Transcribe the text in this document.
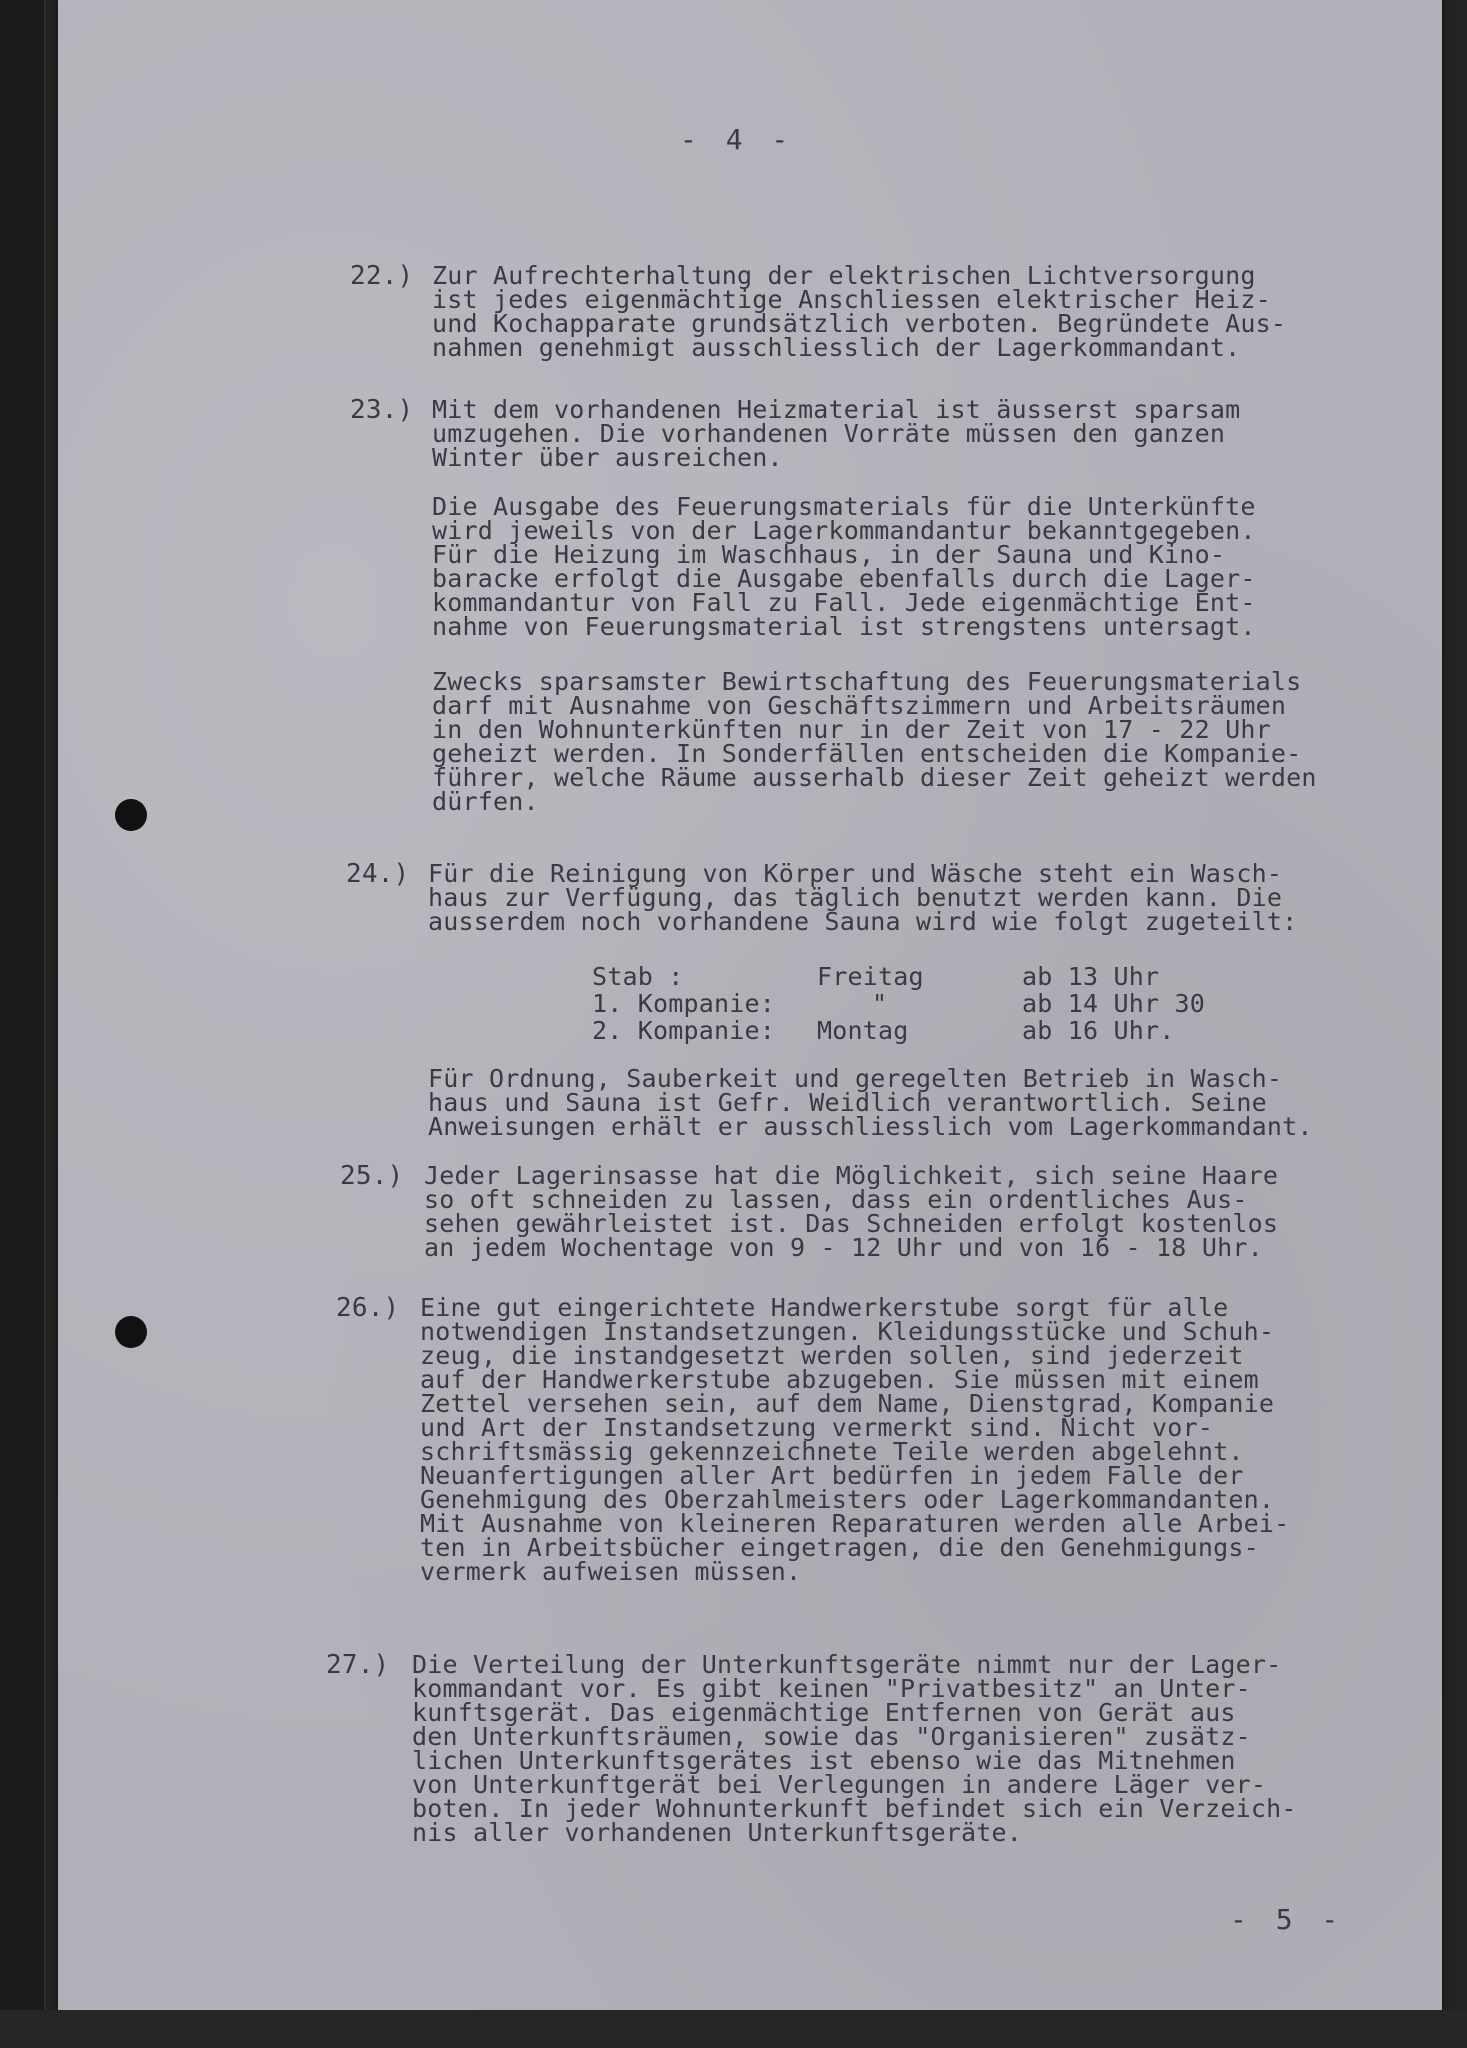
- 4 -
22.) Zur Aufrechterhaltung der elektrischen Lichtversorgung
ist jedes eigenmächtige Anschliessen elektrischer Heiz-
und Kochapparate grundsätzlich verboten. Begründete Aus-
nahmen genehmigt ausschliesslich der Lagerkommandant.

23.) Mit dem vorhandenen Heizmaterial ist äusserst sparsam
umzugehen. Die vorhandenen Vorräte müssen den ganzen
Winter über ausreichen.

Die Ausgabe des Feuerungsmaterials für die Unterkünfte
wird jeweils von der Lagerkommandantur bekanntgegeben.
Für die Heizung im Waschhaus, in der Sauna und Kino-
baracke erfolgt die Ausgabe ebenfalls durch die Lager-
kommandantur von Fall zu Fall. Jede eigenmächtige Ent-
nahme von Feuerungsmaterial ist strengstens untersagt.

Zwecks sparsamster Bewirtschaftung des Feuerungsmaterials
darf mit Ausnahme von Geschäftszimmern und Arbeitsräumen
in den Wohnunterkünften nur in der Zeit von 17 - 22 Uhr
geheizt werden. In Sonderfällen entscheiden die Kompanie-
führer, welche Räume ausserhalb dieser Zeit geheizt werden
dürfen.

24.) Für die Reinigung von Körper und Wäsche steht ein Wasch-
haus zur Verfügung, das täglich benutzt werden kann. Die
ausserdem noch vorhandene Sauna wird wie folgt zugeteilt:

Stab :	Freitag	ab 13 Uhr
1. Kompanie:	"	ab 14 Uhr 30
2. Kompanie:	Montag	ab 16 Uhr.

Für Ordnung, Sauberkeit und geregelten Betrieb in Wasch-
haus und Sauna ist Gefr. Weidlich verantwortlich. Seine
Anweisungen erhält er ausschliesslich vom Lagerkommandant.

25.) Jeder Lagerinsasse hat die Möglichkeit, sich seine Haare
so oft schneiden zu lassen, dass ein ordentliches Aus-
sehen gewährleistet ist. Das Schneiden erfolgt kostenlos
an jedem Wochentage von 9 - 12 Uhr und von 16 - 18 Uhr.

26.) Eine gut eingerichtete Handwerkerstube sorgt für alle
notwendigen Instandsetzungen. Kleidungsstücke und Schuh-
zeug, die instandgesetzt werden sollen, sind jederzeit
auf der Handwerkerstube abzugeben. Sie müssen mit einem
Zettel versehen sein, auf dem Name, Dienstgrad, Kompanie
und Art der Instandsetzung vermerkt sind. Nicht vor-
schriftsmässig gekennzeichnete Teile werden abgelehnt.
Neuanfertigungen aller Art bedürfen in jedem Falle der
Genehmigung des Oberzahlmeisters oder Lagerkommandanten.
Mit Ausnahme von kleineren Reparaturen werden alle Arbei-
ten in Arbeitsbücher eingetragen, die den Genehmigungs-
vermerk aufweisen müssen.

27.) Die Verteilung der Unterkunftsgeräte nimmt nur der Lager-
kommandant vor. Es gibt keinen "Privatbesitz" an Unter-
kunftsgerät. Das eigenmächtige Entfernen von Gerät aus
den Unterkunftsräumen, sowie das "Organisieren" zusätz-
lichen Unterkunftsgerätes ist ebenso wie das Mitnehmen
von Unterkunftgerät bei Verlegungen in andere Läger ver-
boten. In jeder Wohnunterkunft befindet sich ein Verzeich-
nis aller vorhandenen Unterkunftsgeräte.

- 5 -
